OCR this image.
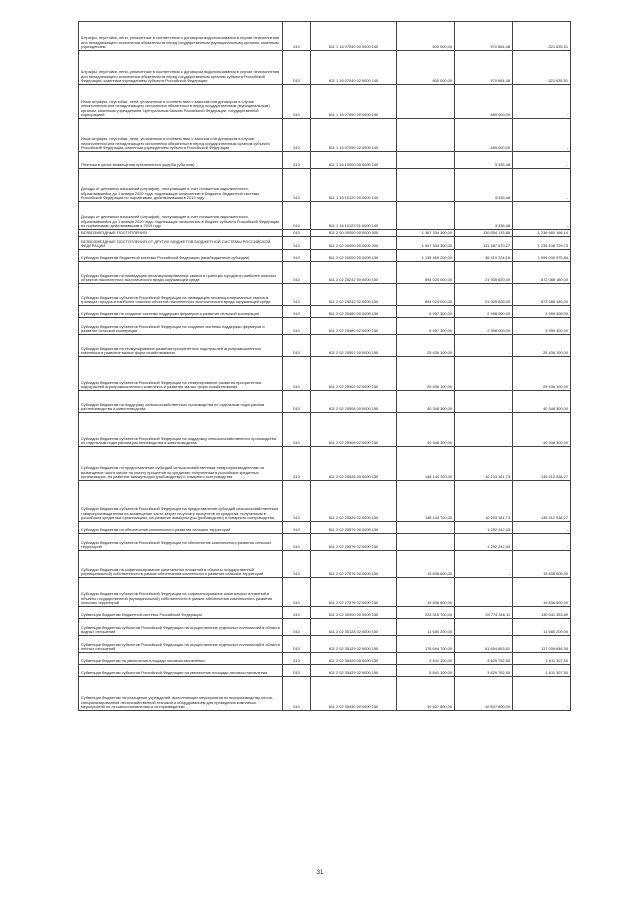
Штрафы, неустойки, пени, уплаченные в соответствии с договором водопользования в случае неисполнения или ненадлежащего исполнения обязательств перед государственным (муниципальным) органом, казенным учреждением	010	811 1 16 07040 00 0000 140	600 000,00	970 664,48	-321 635,51
Штрафы, неустойки, пени, уплаченные в соответствии с договором водопользования в случае неисполнения или ненадлежащего исполнения обязательств перед государственным органом субъекта Российской Федерации, казенным учреждением субъекта Российской Федерации	010	811 1 16 07040 02 0000 140	600 000,00	970 664,48	-321 635,51
Иные штрафы, неустойки, пени, уплаченные в соответствии с законом или договором в случае неисполнения или ненадлежащего исполнения обязательств перед государственным (муниципальным) органом, казенным учреждением, Центральным банком Российской Федерации, государственной корпорацией	010	811 1 16 07090 00 0000 140		-489 000,00	-
Иные штрафы, неустойки, пени, уплаченные в соответствии с законом или договором в случае неисполнения или ненадлежащего исполнения обязательств перед государственным органом субъекта Российской Федерации, казенным учреждением субъекта Российской Федерации	010	811 1 16 07090 02 0000 140		-489 000,00	-
Платежи в целях возмещения причиненного ущерба (убытков)	010	811 1 16 10000 00 0000 140		3 335,48	-
Доходы от денежных взысканий (штрафов), поступающие в счет погашения задолженности, образовавшейся до 1 января 2020 года, подлежащие зачислению в бюджеты бюджетной системы Российской Федерации по нормативам, действовавшим в 2019 году	010	811 1 16 10120 00 0000 140		3 335,48	-
Доходы от денежных взысканий (штрафов), поступающие в счет погашения задолженности, образовавшейся до 1 января 2020 года, подлежащие зачислению в бюджет субъекта Российской Федерации по нормативам, действовавшим в 2019 году	010	811 1 16 10123 01 0000 140		3 335,48	-
БЕЗВОЗМЕЗДНЫЕ ПОСТУПЛЕНИЯ	010	811 2 00 00000 00 0000 000	1 367 334 300,00	130 654 133,86	1 236 680 166,14
БЕЗВОЗМЕЗДНЫЕ ПОСТУПЛЕНИЯ ОТ ДРУГИХ БЮДЖЕТОВ БЮДЖЕТНОЙ СИСТЕМЫ РОССИЙСКОЙ ФЕДЕРАЦИИ	010	811 2 02 00000 00 0000 000	1 367 334 300,00	131 187 570,27	1 236 146 729,73
Субсидии бюджетам бюджетной системы Российской Федерации (межбюджетные субсидии)	010	811 2 02 20000 00 0000 150	1 135 459 200,00	36 419 224,16	1 099 039 975,84
Субсидии бюджетам на ликвидацию несанкционированных свалок в границах городов и наиболее опасных объектов накопленного экологического вреда окружающей среде	010	811 2 02 25242 00 0000 150	894 024 000,00	21 935 820,00	872 088 180,00
Субсидии бюджетам субъектов Российской Федерации на ликвидацию несанкционированных свалок в границах городов и наиболее опасных объектов накопленного экологического вреда окружающей среде	010	811 2 02 25242 02 0000 150	894 024 000,00	21 935 820,00	872 088 180,00
Субсидии бюджетам на создание системы поддержки фермеров и развитие сельской кооперации	010	811 2 02 25480 00 0000 150	6 957 300,00	2 998 000,00	3 959 300,00
Субсидии бюджетам субъектов Российской Федерации на создание системы поддержки фермеров и развитие сельской кооперации	010	811 2 02 25480 02 0000 150	6 957 300,00	2 998 000,00	3 959 300,00
Субсидии бюджетам на стимулирование развития приоритетных подотраслей агропромышленного комплекса и развитие малых форм хозяйствования	010	811 2 02 25502 00 0000 150	25 436 100,00	-	25 436 100,00
Субсидии бюджетам субъектов Российской Федерации на стимулирование развития приоритетных подотраслей агропромышленного комплекса и развитие малых форм хозяйствования	010	811 2 02 25502 02 0000 150	25 436 100,00	-	25 436 100,00
Субсидии бюджетам на поддержку сельскохозяйственного производства по отдельным подотраслям растениеводства и животноводства	010	811 2 02 25508 00 0000 150	40 348 300,00	-	40 348 300,00
Субсидии бюджетам субъектов Российской Федерации на поддержку сельскохозяйственного производства по отдельным подотраслям растениеводства и животноводства	010	811 2 02 25508 02 0000 150	40 348 300,00	-	40 348 300,00
Субсидии бюджетам на предоставление субсидий сельскохозяйственным товаропроизводителям на возмещение части затрат на уплату процентов по кредитам, полученным в российских кредитных организациях, на развитие аквакультуры (рыбоводство) и товарного осетроводства	010	811 2 02 25526 00 0000 150	148 144 700,00	10 233 161,73	135 912 538,27
Субсидии бюджетам субъектов Российской Федерации на предоставление субсидий сельскохозяйственным товаропроизводителям на возмещение части затрат на уплату процентов по кредитам, полученным в российских кредитных организациях, на развитие аквакультуры (рыбоводство) и товарного осетроводства	010	811 2 02 25526 02 0000 150	148 144 700,00	10 233 161,73	135 912 538,27
Субсидии бюджетам на обеспечение комплексного развития сельских территорий	010	811 2 02 25576 00 0000 150	-	1 252 242,43	-
Субсидии бюджетам субъектов Российской Федерации на обеспечение комплексного развития сельских территорий	010	811 2 02 25576 02 0000 150	-	1 252 242,43	-
Субсидии бюджетам на софинансирование капитальных вложений в объекты государственной (муниципальной) собственности в рамках обеспечения комплексного развития сельских территорий	010	811 2 02 27576 00 0000 150	19 836 600,00	-	19 836 600,00
Субсидии бюджетам субъектов Российской Федерации на софинансирование капитальных вложений в объекты государственной (муниципальной) собственности в рамках обеспечения комплексного развития сельских территорий	010	811 2 02 27576 02 0000 150	19 836 600,00	-	19 836 600,00
Субвенции бюджетам бюджетной системы Российской Федерации	010	811 2 02 30000 00 0000 150	225 315 700,00	94 774 346,11	130 541 353,89
Субвенции бюджетам субъектов Российской Федерации на осуществление отдельных полномочий в области водных отношений	010	811 2 02 35128 02 0000 150	11 680 200,00	-	11 680 200,00
Субвенции бюджетам субъектов Российской Федерации на осуществление отдельных полномочий в области лесных отношений	010	811 2 02 35129 02 0000 150	176 694 700,00	61 654 853,61	117 039 846,39
Субвенции бюджетам на увеличение площади лесовосстановления	010	811 2 02 35429 00 0000 150	5 841 100,00	3 829 792,50	1 611 307,50
Субвенции бюджетам субъектов Российской Федерации на увеличение площади лесовосстановления	010	811 2 02 35429 02 0000 150	5 841 100,00	3 829 792,50	1 611 307,50
Субвенции бюджетам на оснащение учреждений, выполняющих мероприятия по воспроизводству лесов, специализированной лесохозяйственной техникой и оборудованием для проведения комплекса мероприятий по лесовосстановлению и лесоразведению	010	811 2 02 35430 00 0000 150	10 637 800,00	10 637 800,00	-
31
